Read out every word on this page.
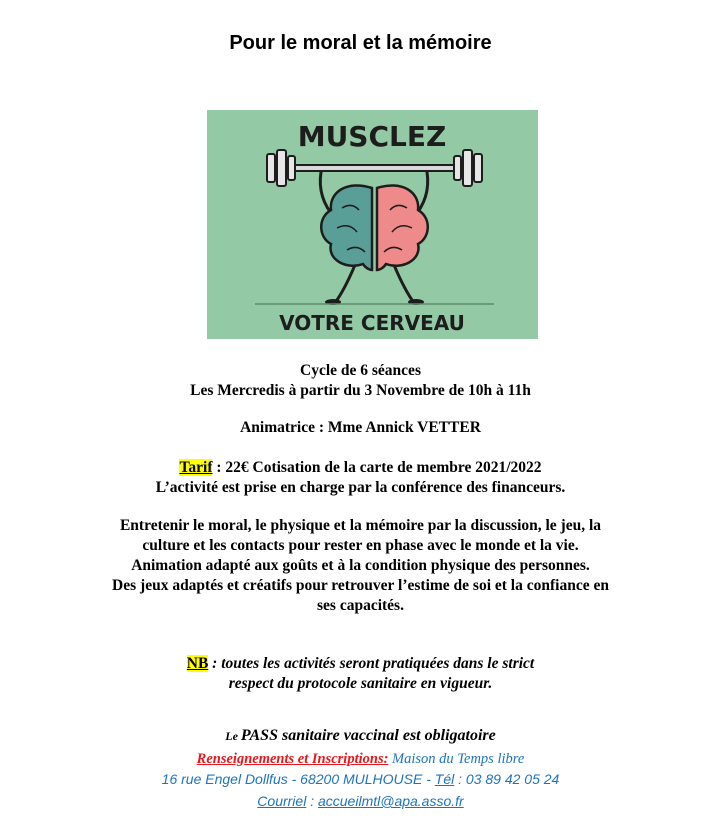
Pour le moral et la mémoire
MUSCLEZ
VOTRE CERVEAU
Cycle de 6 séances
Les Mercredis à partir du 3 Novembre de 10h à 11h
Animatrice : Mme Annick VETTER
Tarif : 22€ Cotisation de la carte de membre 2021/2022
L’activité est prise en charge par la conférence des financeurs.
Entretenir le moral, le physique et la mémoire par la discussion, le jeu, la
culture et les contacts pour rester en phase avec le monde et la vie.
Animation adapté aux goûts et à la condition physique des personnes.
Des jeux adaptés et créatifs pour retrouver l’estime de soi et la confiance en
ses capacités.
NB : toutes les activités seront pratiquées dans le strict
respect du protocole sanitaire en vigueur.
Le PASS sanitaire vaccinal est obligatoire
Renseignements et Inscriptions: Maison du Temps libre
16 rue Engel Dollfus - 68200 MULHOUSE - Tél : 03 89 42 05 24
Courriel : accueilmtl@apa.asso.fr
